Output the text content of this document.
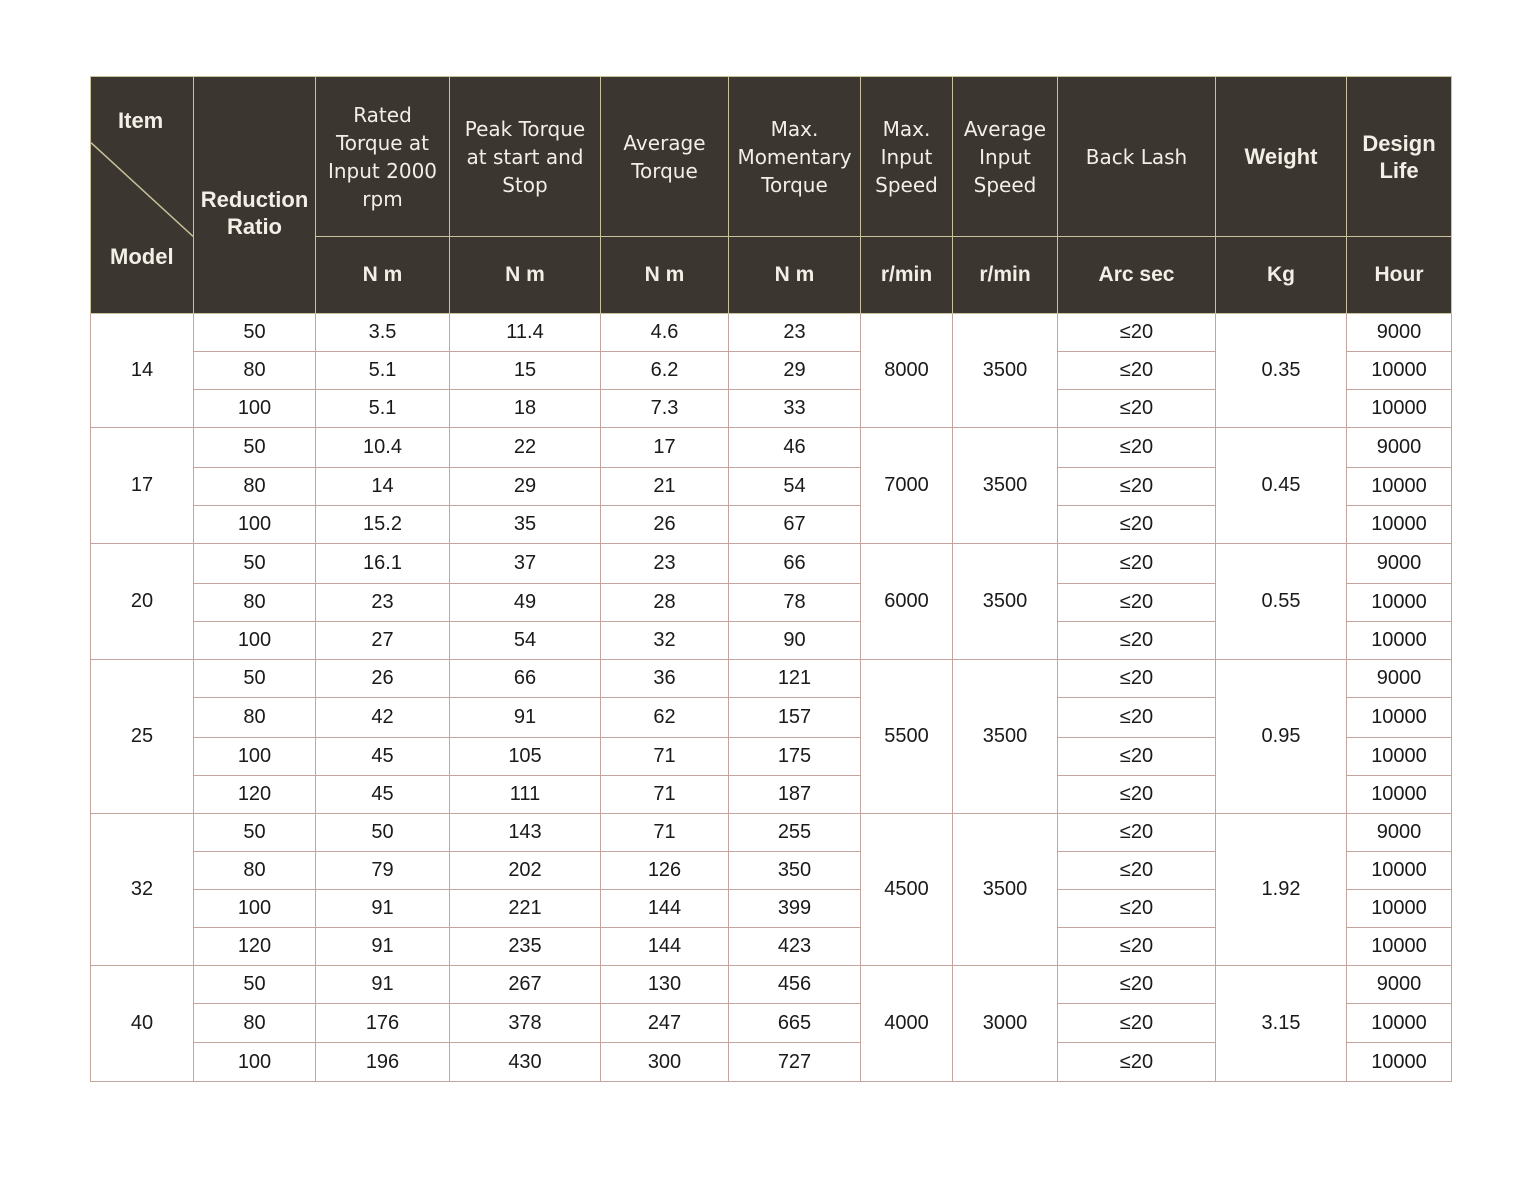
Item
Model	Reduction Ratio	Rated Torque at Input 2000 rpm	Peak Torque at start and Stop	Average Torque	Max. Momentary Torque	Max. Input Speed	Average Input Speed	Back Lash	Weight	Design Life
		N m	N m	N m	N m	r/min	r/min	Arc sec	Kg	Hour
14	50	3.5	11.4	4.6	23	8000	3500	≤20	0.35	9000
	80	5.1	15	6.2	29			≤20		10000
	100	5.1	18	7.3	33			≤20		10000
17	50	10.4	22	17	46	7000	3500	≤20	0.45	9000
	80	14	29	21	54			≤20		10000
	100	15.2	35	26	67			≤20		10000
20	50	16.1	37	23	66	6000	3500	≤20	0.55	9000
	80	23	49	28	78			≤20		10000
	100	27	54	32	90			≤20		10000
25	50	26	66	36	121	5500	3500	≤20	0.95	9000
	80	42	91	62	157			≤20		10000
	100	45	105	71	175			≤20		10000
	120	45	111	71	187			≤20		10000
32	50	50	143	71	255	4500	3500	≤20	1.92	9000
	80	79	202	126	350			≤20		10000
	100	91	221	144	399			≤20		10000
	120	91	235	144	423			≤20		10000
40	50	91	267	130	456	4000	3000	≤20	3.15	9000
	80	176	378	247	665			≤20		10000
	100	196	430	300	727			≤20		10000
